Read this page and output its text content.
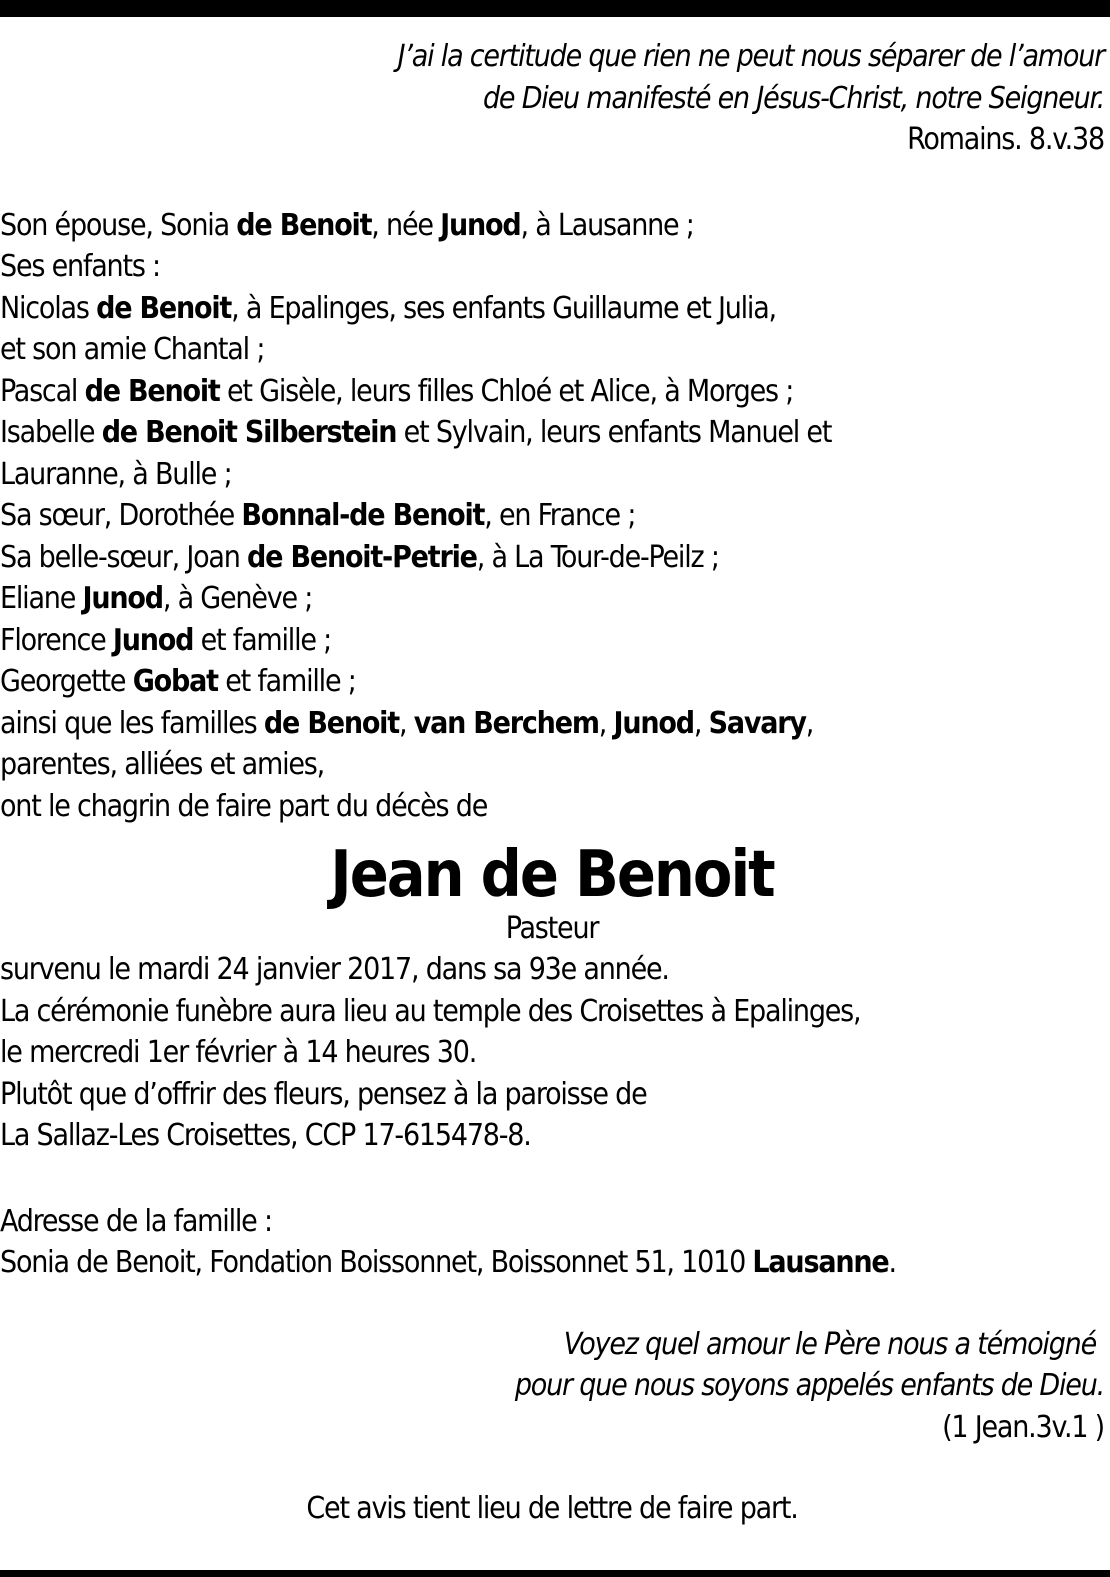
J’ai la certitude que rien ne peut nous séparer de l’amour
de Dieu manifesté en Jésus-Christ, notre Seigneur.
Romains. 8.v.38
Son épouse, Sonia de Benoit, née Junod, à Lausanne ;
Ses enfants :
Nicolas de Benoit, à Epalinges, ses enfants Guillaume et Julia,
et son amie Chantal ;
Pascal de Benoit et Gisèle, leurs filles Chloé et Alice, à Morges ;
Isabelle de Benoit Silberstein et Sylvain, leurs enfants Manuel et
Lauranne, à Bulle ;
Sa sœur, Dorothée Bonnal-de Benoit, en France ;
Sa belle-sœur, Joan de Benoit-Petrie, à La Tour-de-Peilz ;
Eliane Junod, à Genève ;
Florence Junod et famille ;
Georgette Gobat et famille ;
ainsi que les familles de Benoit, van Berchem, Junod, Savary,
parentes, alliées et amies,
ont le chagrin de faire part du décès de
Jean de Benoit
Pasteur
survenu le mardi 24 janvier 2017, dans sa 93e année.
La cérémonie funèbre aura lieu au temple des Croisettes à Epalinges,
le mercredi 1er février à 14 heures 30.
Plutôt que d’offrir des fleurs, pensez à la paroisse de
La Sallaz-Les Croisettes, CCP 17-615478-8.
Adresse de la famille :
Sonia de Benoit, Fondation Boissonnet, Boissonnet 51, 1010 Lausanne.
Voyez quel amour le Père nous a témoigné
pour que nous soyons appelés enfants de Dieu.
(1 Jean.3v.1 )
Cet avis tient lieu de lettre de faire part.
